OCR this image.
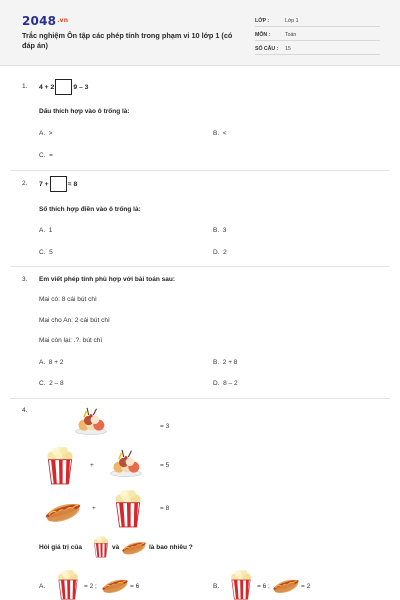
$2048^{.vn}$
Trắc nghiệm Ôn tập các phép tính trong phạm vi 10 lớp 1 (có đáp án)
LỚP :	Lớp 1
MÔN :	Toán
SỐ CÂU : 15
1. 4 + 2	9 – 3
Dấu thích hợp vào ô trống là:
A. >	B. <
C. =
2. 7 +	= 8
Số thích hợp điền vào ô trống là:
A. 1	B. 3
C. 5	D. 2
3. Em viết phép tính phù hợp với bài toán sau:
Mai có: 8 cái bút chì
Mai cho An: 2 cái bút chì
Mai còn lại: .?. bút chì
A. 8 + 2	B. 2 + 8
C. 2 – 8	D. 8 – 2
4.
= 3
+	= 5
+	= 8
Hỏi giá trị của	và	là bao nhiêu ?
A.	= 2 ;	= 6	B.	= 6 ;	= 2
